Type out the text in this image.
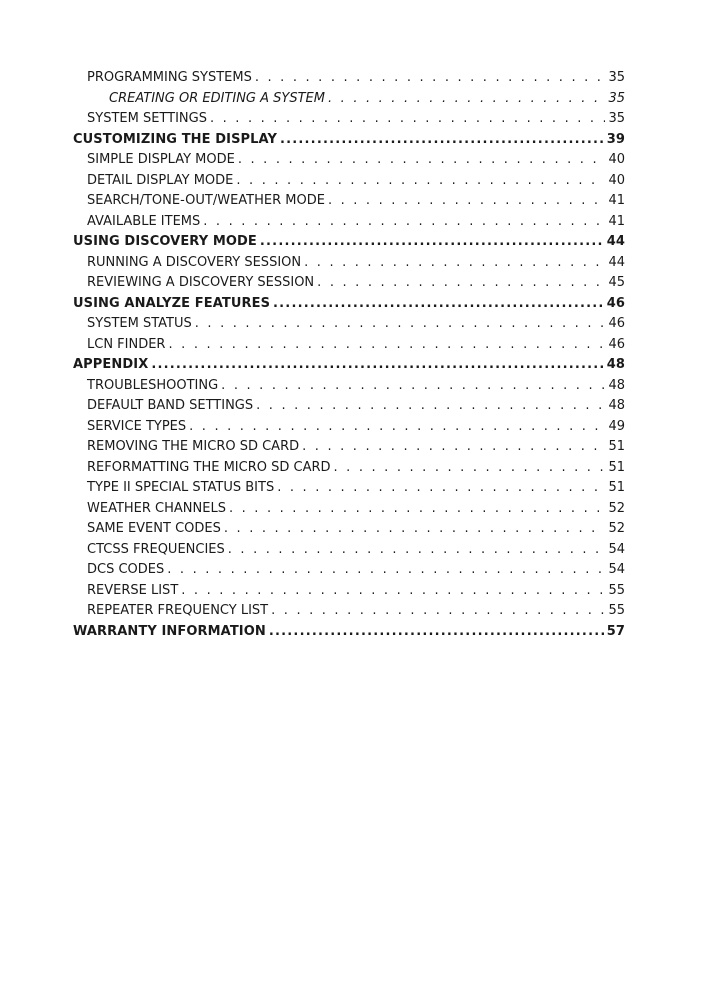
PROGRAMMING SYSTEMS . . .	35
CREATING OR EDITING A SYSTEM . . .	35
SYSTEM SETTINGS . . .	35
CUSTOMIZING THE DISPLAY .....	39
SIMPLE DISPLAY MODE . . .	40
DETAIL DISPLAY MODE . . .	40
SEARCH/TONE-OUT/WEATHER MODE . . .	41
AVAILABLE ITEMS . . .	41
USING DISCOVERY MODE .....	44
RUNNING A DISCOVERY SESSION . . .	44
REVIEWING A DISCOVERY SESSION . . .	45
USING ANALYZE FEATURES .....	46
SYSTEM STATUS . . .	46
LCN FINDER . . .	46
APPENDIX .....	48
TROUBLESHOOTING . . .	48
DEFAULT BAND SETTINGS . . .	48
SERVICE TYPES . . .	49
REMOVING THE MICRO SD CARD . . .	51
REFORMATTING THE MICRO SD CARD . . .	51
TYPE II SPECIAL STATUS BITS . . .	51
WEATHER CHANNELS . . .	52
SAME EVENT CODES . . .	52
CTCSS FREQUENCIES . . .	54
DCS CODES . . .	54
REVERSE LIST . . .	55
REPEATER FREQUENCY LIST . . .	55
WARRANTY INFORMATION .....	57
